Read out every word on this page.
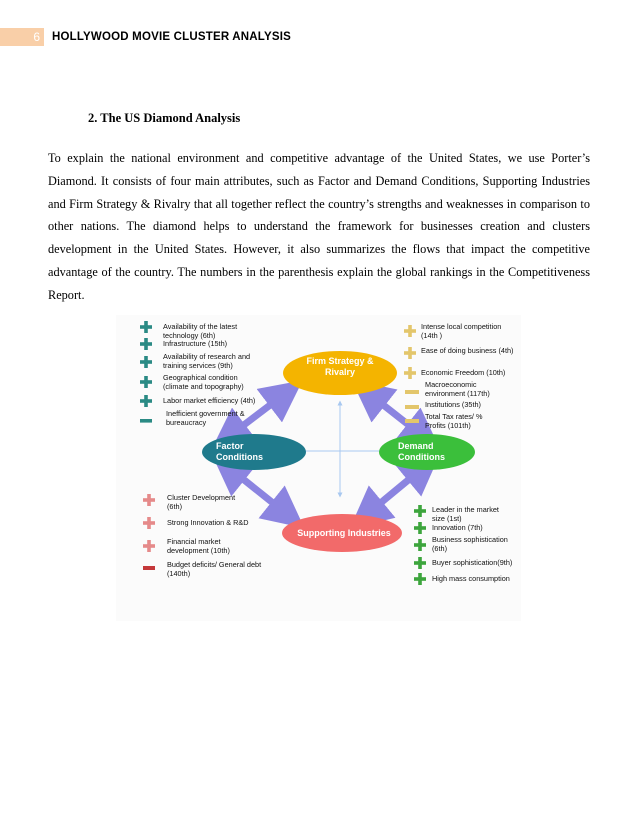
6	HOLLYWOOD MOVIE CLUSTER ANALYSIS
2. The US Diamond Analysis
To explain the national environment and competitive advantage of the United States, we use Porter’s Diamond. It consists of four main attributes, such as Factor and Demand Conditions, Supporting Industries and Firm Strategy & Rivalry that all together reflect the country’s strengths and weaknesses in comparison to other nations. The diamond helps to understand the framework for businesses creation and clusters development in the United States. However, it also summarizes the flows that impact the competitive advantage of the country. The numbers in the parenthesis explain the global rankings in the Competitiveness Report.
Firm Strategy & Rivalry
Factor Conditions
Demand Conditions
Supporting Industries
Availability of the latest technology (6th)
Infrastructure (15th)
Availability of research and training services (9th)
Geographical condition (climate and topography)
Labor market efficiency (4th)
Inefficient government & bureaucracy
Intense local competition (14th )
Ease of doing business (4th)
Economic Freedom (10th)
Macroeconomic environment (117th)
Institutions (35th)
Total Tax rates/ % Profits (101th)
Cluster Development (6th)
Strong Innovation & R&D
Financial market development (10th)
Budget deficits/ General debt (140th)
Leader in the market size (1st)
Innovation (7th)
Business sophistication (6th)
Buyer sophistication(9th)
High mass consumption
